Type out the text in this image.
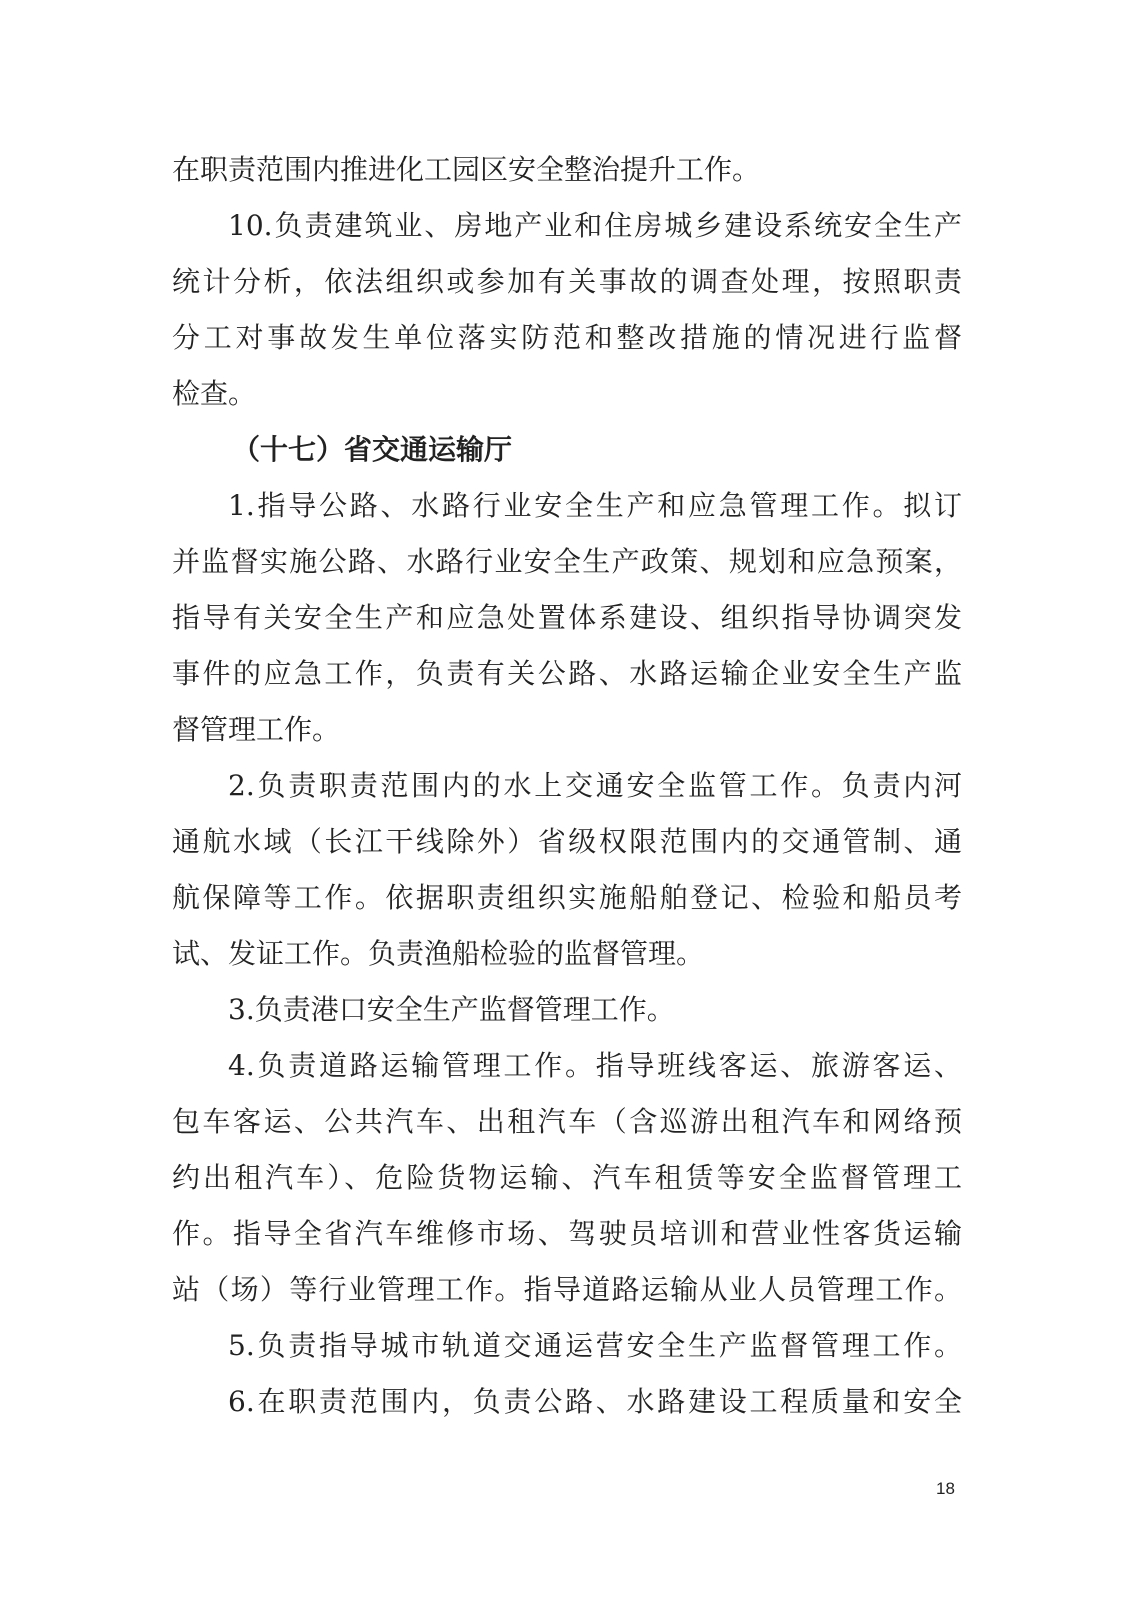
在职责范围内推进化工园区安全整治提升工作。
10.负责建筑业、房地产业和住房城乡建设系统安全生产
统计分析，依法组织或参加有关事故的调查处理，按照职责
分工对事故发生单位落实防范和整改措施的情况进行监督
检查。
（十七）省交通运输厅
1.指导公路、水路行业安全生产和应急管理工作。拟订
并监督实施公路、水路行业安全生产政策、规划和应急预案，
指导有关安全生产和应急处置体系建设、组织指导协调突发
事件的应急工作，负责有关公路、水路运输企业安全生产监
督管理工作。
2.负责职责范围内的水上交通安全监管工作。负责内河
通航水域（长江干线除外）省级权限范围内的交通管制、通
航保障等工作。依据职责组织实施船舶登记、检验和船员考
试、发证工作。负责渔船检验的监督管理。
3.负责港口安全生产监督管理工作。
4.负责道路运输管理工作。指导班线客运、旅游客运、
包车客运、公共汽车、出租汽车（含巡游出租汽车和网络预
约出租汽车）、危险货物运输、汽车租赁等安全监督管理工
作。指导全省汽车维修市场、驾驶员培训和营业性客货运输
站（场）等行业管理工作。指导道路运输从业人员管理工作。
5.负责指导城市轨道交通运营安全生产监督管理工作。
6.在职责范围内，负责公路、水路建设工程质量和安全
18
